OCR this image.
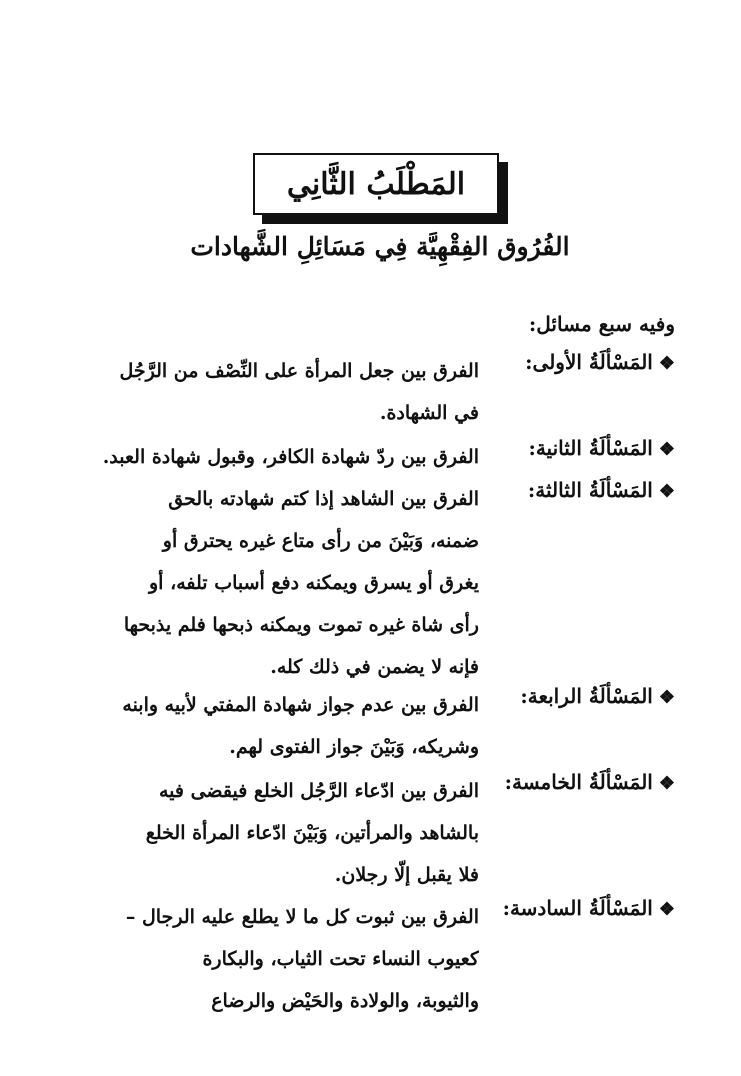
المَطْلَبُ الثَّانِي
الفُرُوق الفِقْهِيَّة فِي مَسَائِلِ الشَّهادات
وفيه سبع مسائل:
❖المَسْألَةُ الأولى:
الفرق بين جعل المرأة على النِّصْف من الرَّجُل
في الشهادة.
❖المَسْألَةُ الثانية:
الفرق بين ردّ شهادة الكافر، وقبول شهادة العبد.
❖المَسْألَةُ الثالثة:
الفرق بين الشاهد إذا كتم شهادته بالحق
ضمنه، وَبَيْنَ من رأى متاع غيره يحترق أو
يغرق أو يسرق ويمكنه دفع أسباب تلفه، أو
رأى شاة غيره تموت ويمكنه ذبحها فلم يذبحها
فإنه لا يضمن في ذلك كله.
❖المَسْألَةُ الرابعة:
الفرق بين عدم جواز شهادة المفتي لأبيه وابنه
وشريكه، وَبَيْنَ جواز الفتوى لهم.
❖المَسْألَةُ الخامسة:
الفرق بين ادّعاء الرَّجُل الخلع فيقضى فيه
بالشاهد والمرأتين، وَبَيْنَ ادّعاء المرأة الخلع
فلا يقبل إلّا رجلان.
❖المَسْألَةُ السادسة:
الفرق بين ثبوت كل ما لا يطلع عليه الرجال –
كعيوب النساء تحت الثياب، والبكارة
والثيوبة، والولادة والحَيْض والرضاع
